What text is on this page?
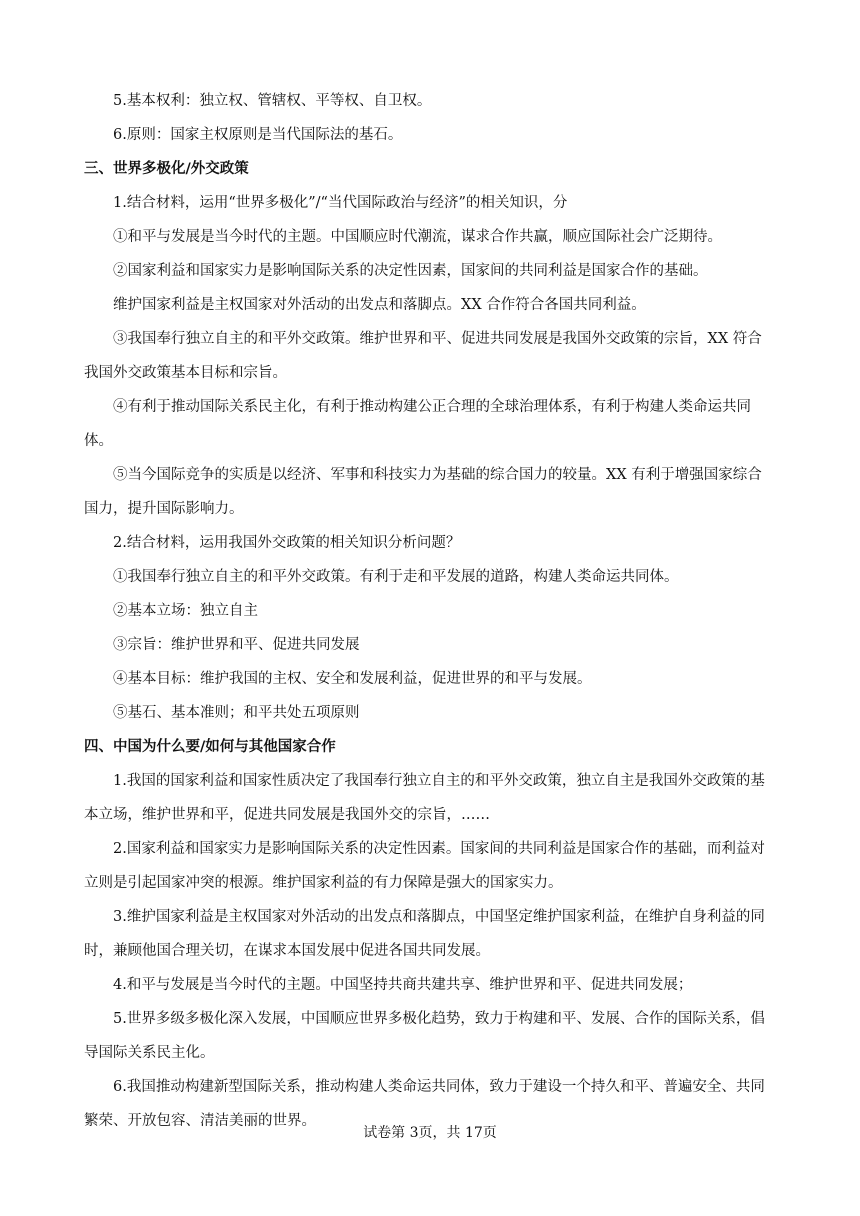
5.基本权利：独立权、管辖权、平等权、自卫权。

6.原则：国家主权原则是当代国际法的基石。

三、世界多极化/外交政策

1.结合材料，运用“世界多极化”/“当代国际政治与经济”的相关知识，分

①和平与发展是当今时代的主题。中国顺应时代潮流，谋求合作共赢，顺应国际社会广泛期待。

②国家利益和国家实力是影响国际关系的决定性因素，国家间的共同利益是国家合作的基础。

维护国家利益是主权国家对外活动的出发点和落脚点。XX 合作符合各国共同利益。

③我国奉行独立自主的和平外交政策。维护世界和平、促进共同发展是我国外交政策的宗旨，XX 符合我国外交政策基本目标和宗旨。

④有利于推动国际关系民主化，有利于推动构建公正合理的全球治理体系，有利于构建人类命运共同体。

⑤当今国际竞争的实质是以经济、军事和科技实力为基础的综合国力的较量。XX 有利于增强国家综合国力，提升国际影响力。

2.结合材料，运用我国外交政策的相关知识分析问题？

①我国奉行独立自主的和平外交政策。有利于走和平发展的道路，构建人类命运共同体。

②基本立场：独立自主

③宗旨：维护世界和平、促进共同发展

④基本目标：维护我国的主权、安全和发展利益，促进世界的和平与发展。

⑤基石、基本准则；和平共处五项原则

四、中国为什么要/如何与其他国家合作

1.我国的国家利益和国家性质决定了我国奉行独立自主的和平外交政策，独立自主是我国外交政策的基本立场，维护世界和平，促进共同发展是我国外交的宗旨，……

2.国家利益和国家实力是影响国际关系的决定性因素。国家间的共同利益是国家合作的基础，而利益对立则是引起国家冲突的根源。维护国家利益的有力保障是强大的国家实力。

3.维护国家利益是主权国家对外活动的出发点和落脚点，中国坚定维护国家利益，在维护自身利益的同时，兼顾他国合理关切，在谋求本国发展中促进各国共同发展。

4.和平与发展是当今时代的主题。中国坚持共商共建共享、维护世界和平、促进共同发展；

5.世界多级多极化深入发展，中国顺应世界多极化趋势，致力于构建和平、发展、合作的国际关系，倡导国际关系民主化。

6.我国推动构建新型国际关系，推动构建人类命运共同体，致力于建设一个持久和平、普遍安全、共同繁荣、开放包容、清洁美丽的世界。

试卷第 3页，共 17页
